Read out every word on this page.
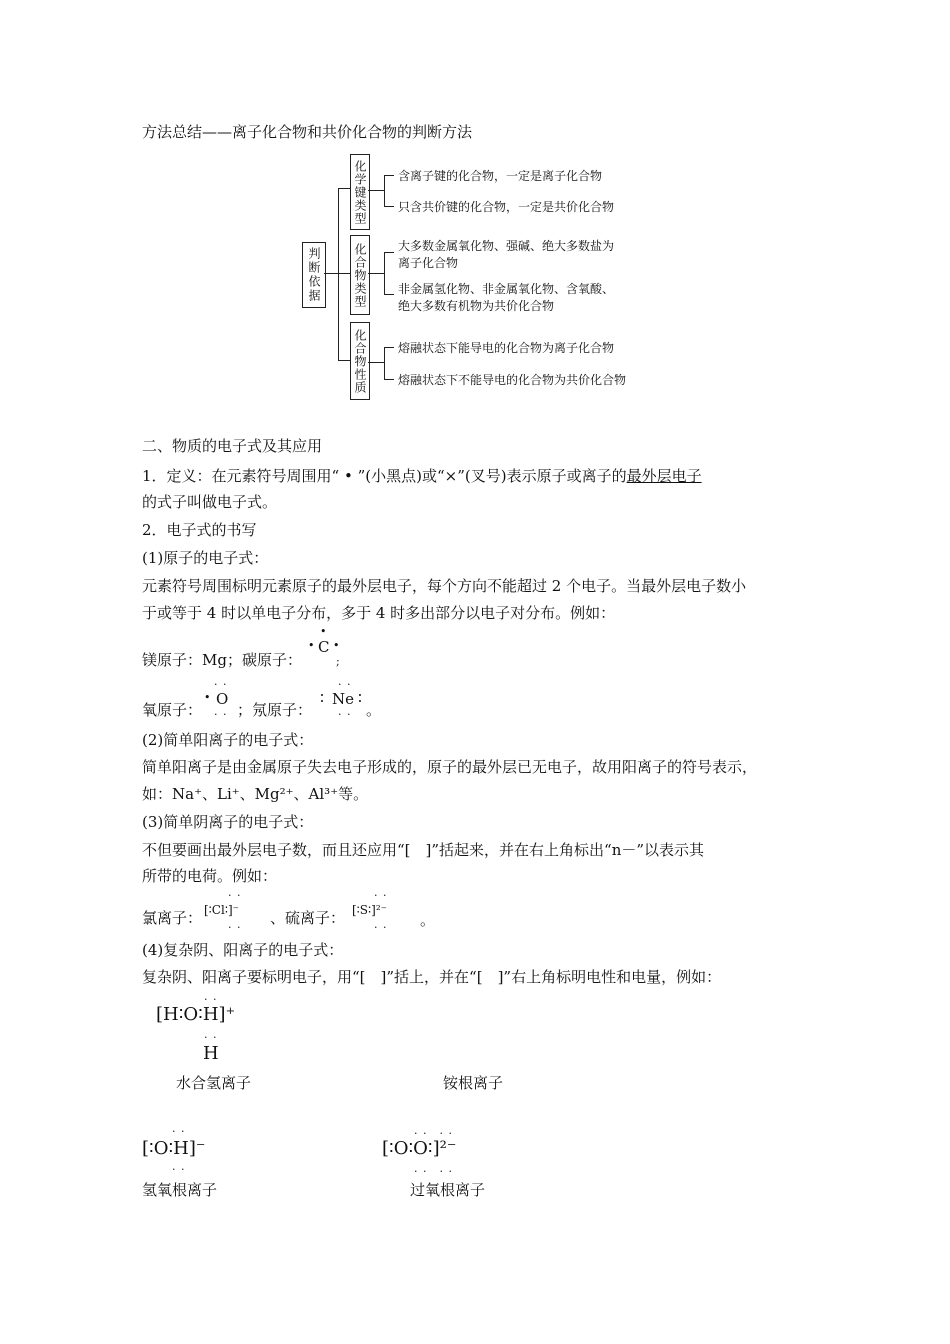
方法总结——离子化合物和共价化合物的判断方法
判断依据
化学键类型
化合物类型
化合物性质
含离子键的化合物，一定是离子化合物
只含共价键的化合物，一定是共价化合物
大多数金属氧化物、强碱、绝大多数盐为
离子化合物
非金属氢化物、非金属氧化物、含氧酸、
绝大多数有机物为共价化合物
熔融状态下能导电的化合物为离子化合物
熔融状态下不能导电的化合物为共价化合物
二、物质的电子式及其应用
1．定义：在元素符号周围用“ • ”(小黑点)或“×”(叉号)表示原子或离子的最外层电子
的式子叫做电子式。
2．电子式的书写
(1)原子的电子式：
元素符号周围标明元素原子的最外层电子，每个方向不能超过 2 个电子。当最外层电子数小
于或等于 4 时以单电子分布，多于 4 时多出部分以电子对分布。例如：
镁原子：Mg；碳原子：
•
• C •
;
氧原子：
. .
• O
. . ；氖原子：
. .
∶ Ne ∶
. . 。
(2)简单阳离子的电子式：
简单阳离子是由金属原子失去电子形成的，原子的最外层已无电子，故用阳离子的符号表示，
如：Na⁺、Li⁺、Mg²⁺、Al³⁺等。
(3)简单阴离子的电子式：
不但要画出最外层电子数，而且还应用“[　]”括起来，并在右上角标出“n－”以表示其
所带的电荷。例如：
氯离子：
. .
[∶Cl∶]⁻
. . 、硫离子：
. .
[∶S∶]²⁻
. . 。
(4)复杂阴、阳离子的电子式：
复杂阴、阳离子要标明电子，用“[　]”括上，并在“[　]”右上角标明电性和电量，例如：
. .
[H∶O∶H]⁺
. .
H
水合氢离子	铵根离子
. .
[∶O∶H]⁻
. .
氢氧根离子
. .　. .
[∶O∶O∶]²⁻
. .　. .
过氧根离子
